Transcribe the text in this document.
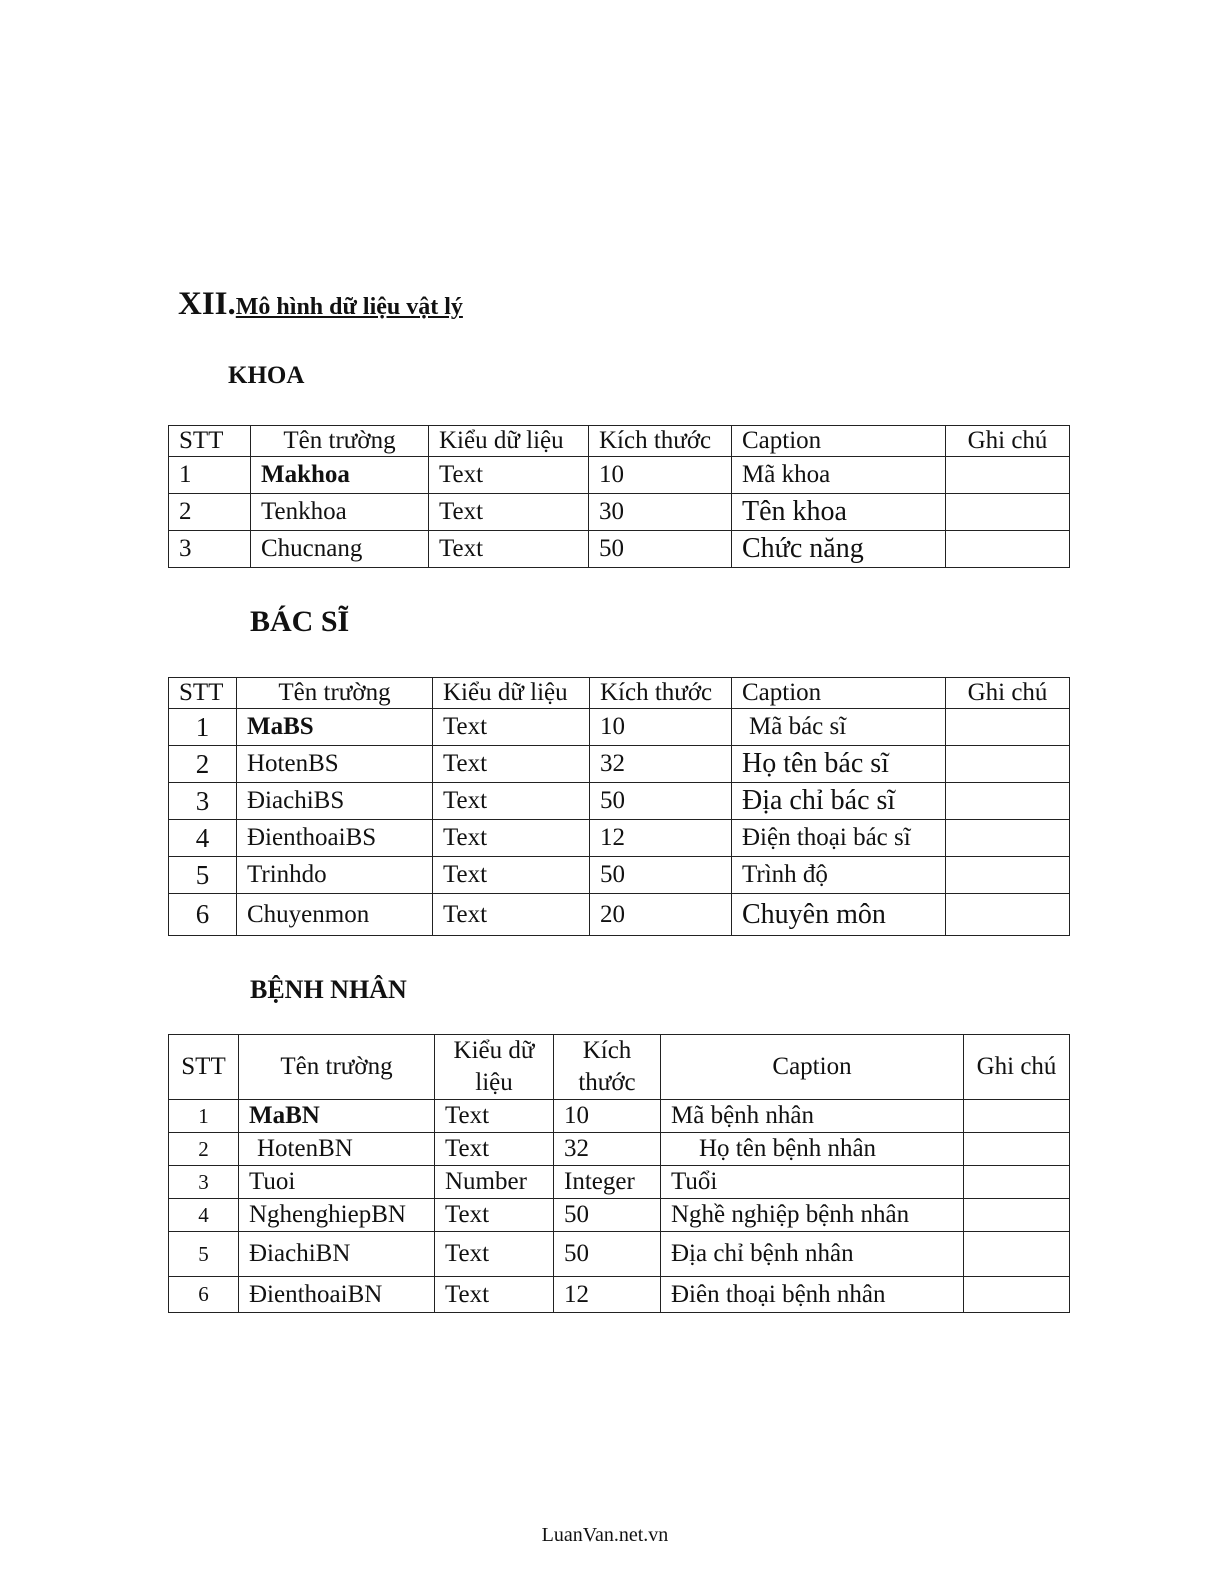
XII.Mô hình dữ liệu vật lý
KHOA
STT	Tên trường	Kiểu dữ liệu	Kích thước	Caption	Ghi chú
1	Makhoa	Text	10	Mã khoa	
2	Tenkhoa	Text	30	Tên khoa	
3	Chucnang	Text	50	Chức năng	
BÁC SĨ
STT	Tên trường	Kiểu dữ liệu	Kích thước	Caption	Ghi chú
1	MaBS	Text	10	Mã bác sĩ	
2	HotenBS	Text	32	Họ tên bác sĩ	
3	ĐiachiBS	Text	50	Địa chỉ bác sĩ	
4	ĐienthoaiBS	Text	12	Điện thoại bác sĩ	
5	Trinhdo	Text	50	Trình độ	
6	Chuyenmon	Text	20	Chuyên môn	
BỆNH NHÂN
STT	Tên trường	Kiểu dữ liệu	Kích thước	Caption	Ghi chú
1	MaBN	Text	10	Mã bệnh nhân	
2	HotenBN	Text	32	Họ tên bệnh nhân	
3	Tuoi	Number	Integer	Tuổi	
4	NghenghiepBN	Text	50	Nghề nghiệp bệnh nhân	
5	ĐiachiBN	Text	50	Địa chỉ bệnh nhân	
6	ĐienthoaiBN	Text	12	Điên thoại bệnh nhân	
LuanVan.net.vn
